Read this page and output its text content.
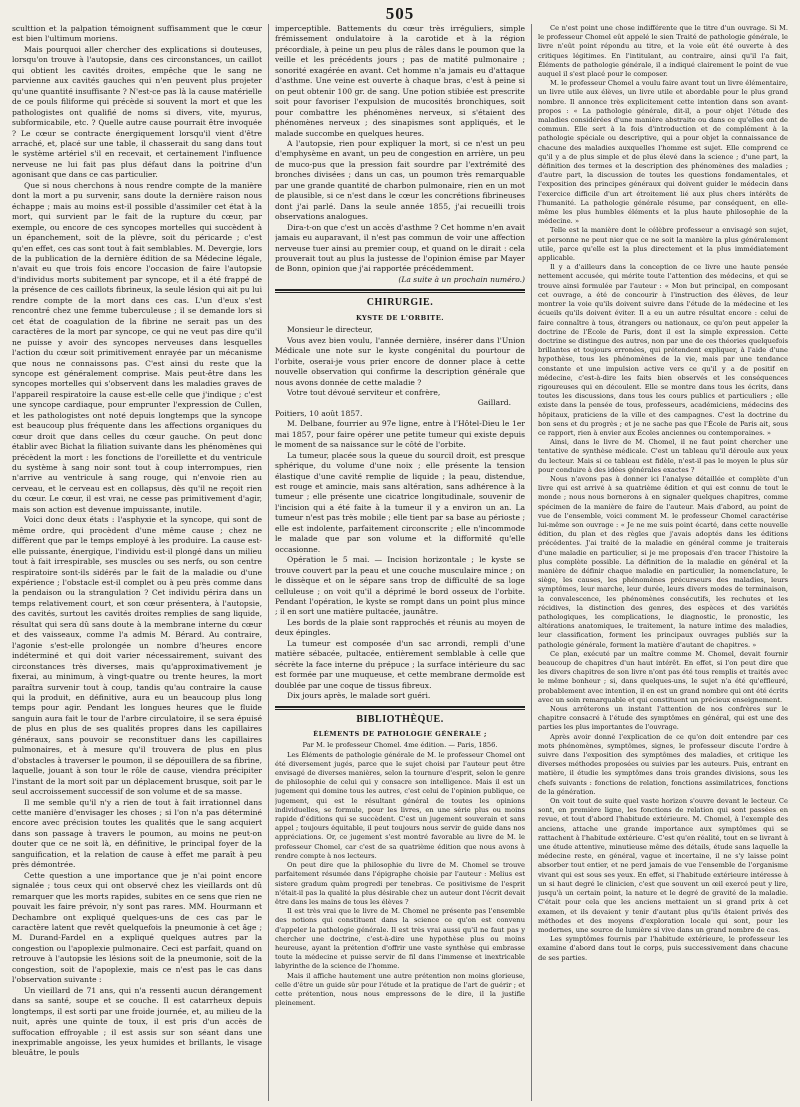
505

sculttion et la palpation témoignent suffisamment que le cœur est bien l'ultimum moriens.

Mais pourquoi aller chercher des explications si douteuses, lorsqu'on trouve à l'autopsie, dans ces circonstances, un caillot qui obtient les cavités droites, empêche que le sang ne parvienne aux cavités gauches qui n'en peuvent plus projeter qu'une quantité insuffisante ? N'est-ce pas là la cause matérielle de ce pouls filiforme qui précède si souvent la mort et que les pathologistes ont qualifié de noms si divers, vite, myurus, subformicabile, etc. ? Quelle autre cause pourrait être invoquée ? Le cœur se contracte énergiquement lorsqu'il vient d'être arraché, et, placé sur une table, il chasserait du sang dans tout le système artériel s'il en recevait, et certainement l'influence nerveuse ne lui fait pas plus défaut dans la poitrine d'un agonisant que dans ce cas particulier.

Que si nous cherchons à nous rendre compte de la manière dont la mort a pu survenir, sans doute la dernière raison nous échappe ; mais au moins est-il possible d'assimiler cet état à la mort, qui survient par le fait de la rupture du cœur, par exemple, ou encore de ces syncopes mortelles qui succèdent à un épanchement, soit de la plèvre, soit du péricarde ; c'est qu'en effet, ces cas sont tout à fait semblables. M. Devergie, lors de la publication de la dernière édition de sa Médecine légale, n'avait eu que trois fois encore l'occasion de faire l'autopsie d'individus morts subitement par syncope, et il a été frappé de la présence de ces caillots fibrineux, la seule lésion qui ait pu lui rendre compte de la mort dans ces cas. L'un d'eux s'est rencontré chez une femme tuberculeuse ; il se demande lors si cet état de coagulation de la fibrine ne serait pas un des caractères de la mort par syncope, ce qui ne veut pas dire qu'il ne puisse y avoir des syncopes nerveuses dans lesquelles l'action du cœur soit primitivement enrayée par un mécanisme que nous ne connaissons pas. C'est ainsi du reste que la syncope est généralement comprise. Mais peut-être dans les syncopes mortelles qui s'observent dans les maladies graves de l'appareil respiratoire la cause est-elle celle que j'indique ; c'est une syncope cardiaque, pour emprunter l'expression de Cullen, et les pathologistes ont noté depuis longtemps que la syncope est beaucoup plus fréquente dans les affections organiques du cœur droit que dans celles du cœur gauche. On peut donc établir avec Bichat la filiation suivante dans les phénomènes qui précèdent la mort : les fonctions de l'oreillette et du ventricule du système à sang noir sont tout à coup interrompues, rien n'arrive au ventricule à sang rouge, qui n'envoie rien au cerveau, et le cerveau est en collapsus, dès qu'il ne reçoit rien du cœur. Le cœur, il est vrai, ne cesse pas primitivement d'agir, mais son action est devenue impuissante, inutile.

Voici donc deux états : l'asphyxie et la syncope, qui sont de même ordre, qui procèdent d'une même cause ; chez ne diffèrent que par le temps employé à les produire. La cause est-elle puissante, énergique, l'individu est-il plongé dans un milieu tout à fait irrespirable, ses muscles ou ses nerfs, ou son centre respiratoire sont-ils sidérés par le fait de la maladie ou d'une expérience ; l'obstacle est-il complet ou à peu près comme dans la pendaison ou la strangulation ? Cet individu périra dans un temps relativement court, et son cœur présentera, à l'autopsie, des cavités, surtout les cavités droites remplies de sang liquide, résultat qui sera dû sans doute à la membrane interne du cœur et des vaisseaux, comme l'a admis M. Bérard. Au contraire, l'agonie s'est-elle prolongée un nombre d'heures encore indéterminé et qui doit varier nécessairement, suivant des circonstances très diverses, mais qu'approximativement je fixerai, au minimum, à vingt-quatre ou trente heures, la mort paraîtra survenir tout à coup, tandis qu'au contraire la cause qui la produit, en définitive, aura eu un beaucoup plus long temps pour agir. Pendant les longues heures que le fluide sanguin aura fait le tour de l'arbre circulatoire, il se sera épuisé de plus en plus de ses qualités propres dans les capillaires généraux, sans pouvoir se reconstituer dans les capillaires pulmonaires, et à mesure qu'il trouvera de plus en plus d'obstacles à traverser le poumon, il se dépouillera de sa fibrine, laquelle, jouant à son tour le rôle de cause, viendra précipiter l'instant de la mort soit par un déplacement brusque, soit par le seul accroissement successif de son volume et de sa masse.

Il me semble qu'il n'y a rien de tout à fait irrationnel dans cette manière d'envisager les choses ; si l'on n'a pas déterminé encore avec précision toutes les qualités que le sang acquiert dans son passage à travers le poumon, au moins ne peut-on douter que ce ne soit là, en définitive, le principal foyer de la sanguification, et la relation de cause à effet me paraît à peu près démontrée.

Cette question a une importance que je n'ai point encore signalée ; tous ceux qui ont observé chez les vieillards ont dû remarquer que les morts rapides, subites en ce sens que rien ne pouvait les faire prévoir, n'y sont pas rares. MM. Hourmann et Dechambre ont expliqué quelques-uns de ces cas par le caractère latent que revêt quelquefois la pneumonie à cet âge ; M. Durand-Fardel en a expliqué quelques autres par la congestion ou l'apoplexie pulmonaire. Ceci est parfait, quand on retrouve à l'autopsie les lésions soit de la pneumonie, soit de la congestion, soit de l'apoplexie, mais ce n'est pas le cas dans l'observation suivante :

Un vieillard de 71 ans, qui n'a ressenti aucun dérangement dans sa santé, soupe et se couche. Il est catarrheux depuis longtemps, il est sorti par une froide journée, et, au milieu de la nuit, après une quinte de toux, il est pris d'un accès de suffocation effroyable ; il est assis sur son séant dans une inexprimable angoisse, les yeux humides et brillants, le visage bleuâtre, le pouls

imperceptible. Battements du cœur très irréguliers, simple frémissement ondulatoire à la carotide et à la région précordiale, à peine un peu plus de râles dans le poumon que la veille et les précédents jours ; pas de matité pulmonaire ; sonorité exagérée en avant. Cet homme n'a jamais eu d'attaque d'asthme. Une veine est ouverte à chaque bras, c'est à peine si on peut obtenir 100 gr. de sang. Une potion stibiée est prescrite soit pour favoriser l'expulsion de mucosités bronchiques, soit pour combattre les phénomènes nerveux, si s'étaient des phénomènes nerveux ; des sinapismes sont appliqués, et le malade succombe en quelques heures.

A l'autopsie, rien pour expliquer la mort, si ce n'est un peu d'emphysème en avant, un peu de congestion en arrière, un peu de muco-pus que la pression fait sourdre par l'extrémité des bronches divisées ; dans un cas, un poumon très remarquable par une grande quantité de charbon pulmonaire, rien en un mot de plausible, si ce n'est dans le cœur les concrétions fibrineuses dont j'ai parlé. Dans la seule année 1855, j'ai recueilli trois observations analogues.

Dira-t-on que c'est un accès d'asthme ? Cet homme n'en avait jamais eu auparavant, il n'est pas commun de voir une affection nerveuse tuer ainsi au premier coup, et quand on le dirait : cela prouverait tout au plus la justesse de l'opinion émise par Mayer de Bonn, opinion que j'ai rapportée précédemment.

(La suite à un prochain numéro.)

CHIRURGIE.
KYSTE DE L'ORBITE.

Monsieur le directeur,

Vous avez bien voulu, l'année dernière, insérer dans l'Union Médicale une note sur le kyste congénital du pourtour de l'orbite, oserai-je vous prier encore de donner place à cette nouvelle observation qui confirme la description générale que nous avons donnée de cette maladie ?

Votre tout dévoué serviteur et confrère,

Gaillard.

Poitiers, 10 août 1857.

M. Delbane, fourrier au 97e ligne, entre à l'Hôtel-Dieu le 1er mai 1857, pour faire opérer une petite tumeur qui existe depuis le moment de sa naissance sur le côté de l'orbite.

La tumeur, placée sous la queue du sourcil droit, est presque sphérique, du volume d'une noix ; elle présente la tension élastique d'une cavité remplie de liquide ; la peau, distendue, est rouge et amincie, mais sans altération, sans adhérence à la tumeur ; elle présente une cicatrice longitudinale, souvenir de l'incision qui a été faite à la tumeur il y a environ un an. La tumeur n'est pas très mobile ; elle tient par sa base au périoste ; elle est indolente, parfaitement circonscrite ; elle n'incommode le malade que par son volume et la difformité qu'elle occasionne.

Opération le 5 mai. — Incision horizontale ; le kyste se trouve couvert par la peau et une couche musculaire mince ; on le dissèque et on le sépare sans trop de difficulté de sa loge celluleuse ; on voit qu'il a déprimé le bord osseux de l'orbite. Pendant l'opération, le kyste se rompt dans un point plus mince ; il en sort une matière pultacée, jaunâtre.

Les bords de la plaie sont rapprochés et réunis au moyen de deux épingles.

La tumeur est composée d'un sac arrondi, rempli d'une matière sébacée, pultacée, entièrement semblable à celle que sécrète la face interne du prépuce ; la surface intérieure du sac est formée par une muqueuse, et cette membrane dermoïde est doublée par une coque de tissus fibreux.

Dix jours après, le malade sort guéri.

BIBLIOTHÈQUE.
ÉLÉMENTS DE PATHOLOGIE GÉNÉRALE ;

Par M. le professeur Chomel. 4me édition. — Paris, 1856.

Les Éléments de pathologie générale de M. le professeur Chomel ont été diversement jugés, parce que le sujet choisi par l'auteur peut être envisagé de diverses manières, selon la tournure d'esprit, selon le genre de philosophie de celui qui y consacre son intelligence. Mais il est un jugement qui domine tous les autres, c'est celui de l'opinion publique, ce jugement, qui est le résultant général de toutes les opinions individuelles, se formule, pour les livres, en une série plus ou moins rapide d'éditions qui se succèdent. C'est un jugement souverain et sans appel ; toujours équitable, il peut toujours nous servir de guide dans nos appréciations. Or, ce jugement s'est montré favorable au livre de M. le professeur Chomel, car c'est de sa quatrième édition que nous avons à rendre compte à nos lecteurs.

On peut dire que la philosophie du livre de M. Chomel se trouve parfaitement résumée dans l'épigraphe choisie par l'auteur : Melius est sistere gradum quàm progredi per tenebras. Ce positivisme de l'esprit n'était-il pas la qualité la plus désirable chez un auteur dont l'écrit devait être dans les mains de tous les élèves ?

Il est très vrai que le livre de M. Chomel ne présente pas l'ensemble des notions qui constituent dans la science ce qu'on est convenu d'appeler la pathologie générale. Il est très vrai aussi qu'il ne faut pas y chercher une doctrine, c'est-à-dire une hypothèse plus ou moins heureuse, ayant la prétention d'offrir une vaste synthèse qui embrasse toute la médecine et puisse servir de fil dans l'immense et inextricable labyrinthe de la science de l'homme.

Mais il affiche hautement une autre prétention non moins glorieuse, celle d'être un guide sûr pour l'étude et la pratique de l'art de guérir ; et cette prétention, nous nous empressons de le dire, il la justifie pleinement.

Ce n'est point une chose indifférente que le titre d'un ouvrage. Si M. le professeur Chomel eût appelé le sien Traité de pathologie générale, le livre n'eût point répondu au titre, et la voie eût été ouverte à des critiques légitimes. En l'intitulant, au contraire, ainsi qu'il l'a fait, Éléments de pathologie générale, il a indiqué clairement le point de vue auquel il s'est placé pour le composer.

M. le professeur Chomel a voulu faire avant tout un livre élémentaire, un livre utile aux élèves, un livre utile et abordable pour le plus grand nombre. Il annonce très explicitement cette intention dans son avant-propos : « La pathologie générale, dit-il, a pour objet l'étude des maladies considérées d'une manière abstraite ou dans ce qu'elles ont de commun. Elle sert à la fois d'introduction et de complément à la pathologie spéciale ou descriptive, qui a pour objet la connaissance de chacune des maladies auxquelles l'homme est sujet. Elle comprend ce qu'il y a de plus simple et de plus élevé dans la science ; d'une part, la définition des termes et la description des phénomènes des maladies ; d'autre part, la discussion de toutes les questions fondamentales, et l'exposition des principes généraux qui doivent guider le médecin dans l'exercice difficile d'un art étroitement lié aux plus chers intérêts de l'humanité. La pathologie générale résume, par conséquent, en elle-même les plus humbles éléments et la plus haute philosophie de la médecine. »

Telle est la manière dont le célèbre professeur a envisagé son sujet, et personne ne peut nier que ce ne soit la manière la plus généralement utile, parce qu'elle est la plus directement et la plus immédiatement applicable.

Il y a d'ailleurs dans la conception de ce livre une haute pensée nettement accusée, qui mérite toute l'attention des médecins, et qui se trouve ainsi formulée par l'auteur : « Mon but principal, en composant cet ouvrage, a été de concourir à l'instruction des élèves, de leur montrer la voie qu'ils doivent suivre dans l'étude de la médecine et les écueils qu'ils doivent éviter. Il a eu un autre résultat encore : celui de faire connaître à tous, étrangers ou nationaux, ce qu'on peut appeler la doctrine de l'École de Paris, dont il est la simple expression. Cette doctrine se distingue des autres, non par une de ces théories quelquefois brillantes et toujours erronées, qui prétendent expliquer, à l'aide d'une hypothèse, tous les phénomènes de la vie, mais par une tendance constante et une impulsion active vers ce qu'il y a de positif en médecine, c'est-à-dire les faits bien observés et les conséquences rigoureuses qui en découlent. Elle se montre dans tous les écrits, dans toutes les discussions, dans tous les cours publics et particuliers ; elle existe dans la pensée de tous, professeurs, académiciens, médecins des hôpitaux, praticiens de la ville et des campagnes. C'est la doctrine du bon sens et du progrès ; et je ne sache pas que l'École de Paris ait, sous ce rapport, rien à envier aux Écoles anciennes ou contemporaines. »

Ainsi, dans le livre de M. Chomel, il ne faut point chercher une tentative de synthèse médicale. C'est un tableau qu'il déroule aux yeux du lecteur. Mais si ce tableau est fidèle, n'est-il pas le moyen le plus sûr pour conduire à des idées générales exactes ?

Nous n'avons pas à donner ici l'analyse détaillée et complète d'un livre qui est arrivé à sa quatrième édition et qui est connu de tout le monde ; nous nous bornerons à en signaler quelques chapitres, comme spécimen de la manière de faire de l'auteur. Mais d'abord, au point de vue de l'ensemble, voici comment M. le professeur Chomel caractérise lui-même son ouvrage : « Je ne me suis point écarté, dans cette nouvelle édition, du plan et des règles que j'avais adoptés dans les éditions précédentes. J'ai traité de la maladie en général comme je traiterais d'une maladie en particulier, si je me proposais d'en tracer l'histoire la plus complète possible. La définition de la maladie en général et la manière de définir chaque maladie en particulier, la nomenclature, le siège, les causes, les phénomènes précurseurs des maladies, leurs symptômes, leur marche, leur durée, leurs divers modes de terminaison, la convalescence, les phénomènes consécutifs, les rechutes et les récidives, la distinction des genres, des espèces et des variétés pathologiques, les complications, le diagnostic, le pronostic, les altérations anatomiques, le traitement, la nature intime des maladies, leur classification, forment les principaux ouvrages publiés sur la pathologie générale, forment la matière d'autant de chapitres. »

Ce plan, exécuté par un maître comme M. Chomel, devait fournir beaucoup de chapitres d'un haut intérêt. En effet, si l'on peut dire que les divers chapitres de son livre n'ont pas été tous remplis et traités avec le même bonheur ; si, dans quelques-uns, le sujet n'a été qu'effleuré, probablement avec intention, il en est un grand nombre qui ont été écrits avec un soin remarquable et qui constituent un précieux enseignement.

Nous arrêterons un instant l'attention de nos confrères sur le chapitre consacré à l'étude des symptômes en général, qui est une des parties les plus importantes de l'ouvrage.

Après avoir donné l'explication de ce qu'on doit entendre par ces mots phénomènes, symptômes, signes, le professeur discute l'ordre à suivre dans l'exposition des symptômes des maladies, et critique les diverses méthodes proposées ou suivies par les auteurs. Puis, entrant en matière, il étudie les symptômes dans trois grandes divisions, sous les chefs suivants : fonctions de relation, fonctions assimilatrices, fonctions de la génération.

On voit tout de suite quel vaste horizon s'ouvre devant le lecteur. Ce sont, en première ligne, les fonctions de relation qui sont passées en revue, et tout d'abord l'habitude extérieure. M. Chomel, à l'exemple des anciens, attache une grande importance aux symptômes qui se rattachent à l'habitude extérieure. C'est qu'en réalité, tout en se livrant à une étude attentive, minutieuse même des détails, étude sans laquelle la médecine reste, en général, vague et incertaine, il ne s'y laisse point absorber tout entier, et ne perd jamais de vue l'ensemble de l'organisme vivant qui est sous ses yeux. En effet, si l'habitude extérieure intéresse à un si haut degré le clinicien, c'est que souvent un œil exercé peut y lire, jusqu'à un certain point, la nature et le degré de gravité de la maladie. C'était pour cela que les anciens mettaient un si grand prix à cet examen, et ils devaient y tenir d'autant plus qu'ils étaient privés des méthodes et des moyens d'exploration locale qui sont, pour les modernes, une source de lumière si vive dans un grand nombre de cas.

Les symptômes fournis par l'habitude extérieure, le professeur les examine d'abord dans tout le corps, puis successivement dans chacune de ses parties.
